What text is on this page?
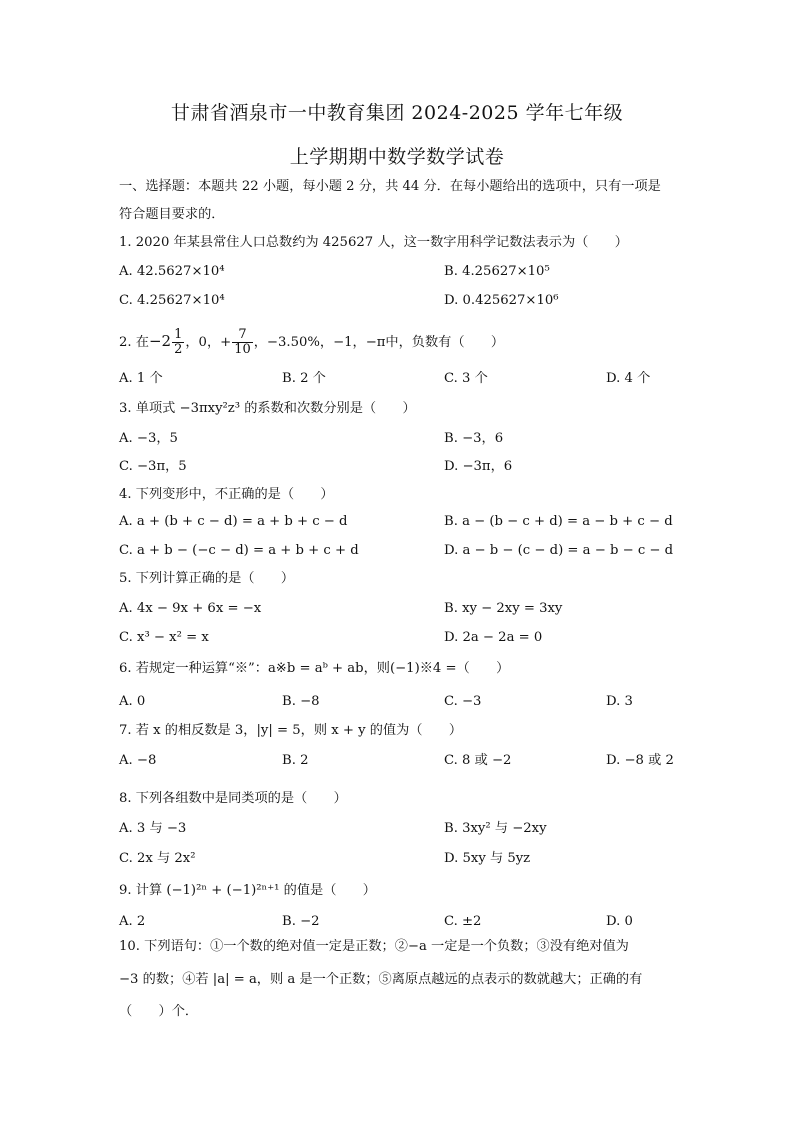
甘肃省酒泉市一中教育集团 2024-2025 学年七年级
上学期期中数学数学试卷
一、选择题：本题共 22 小题，每小题 2 分，共 44 分．在每小题给出的选项中，只有一项是
符合题目要求的．
1. 2020 年某县常住人口总数约为 425627 人，这一数字用科学记数法表示为（　　）
A. 42.5627×10⁴	B. 4.25627×10⁵
C. 4.25627×10⁴	D. 0.425627×10⁶
2. 在$-2 \frac{1}{2}$ ，0，+ $\frac{7}{10}$ ，−3.50%，−1，−π中，负数有（　　）
A. 1 个	B. 2 个	C. 3 个	D. 4 个
3. 单项式 −3πxy²z³ 的系数和次数分别是（　　）
A. −3，5	B. −3，6
C. −3π，5	D. −3π，6
4. 下列变形中，不正确的是（　　）
A. a + (b + c − d) = a + b + c − d	B. a − (b − c + d) = a − b + c − d
C. a + b − (−c − d) = a + b + c + d	D. a − b − (c − d) = a − b − c − d
5. 下列计算正确的是（　　）
A. 4x − 9x + 6x = −x	B. xy − 2xy = 3xy
C. x³ − x² = x	D. 2a − 2a = 0
6. 若规定一种运算“※”：a※b = aᵇ + ab，则(−1)※4 =（　　）
A. 0	B. −8	C. −3	D. 3
7. 若 x 的相反数是 3，|y| = 5，则 x + y 的值为（　　）
A. −8	B. 2	C. 8 或 −2	D. −8 或 2
8. 下列各组数中是同类项的是（　　）
A. 3 与 −3	B. 3xy² 与 −2xy
C. 2x 与 2x²	D. 5xy 与 5yz
9. 计算 (−1)²ⁿ + (−1)²ⁿ⁺¹ 的值是（　　）
A. 2	B. −2	C. ±2	D. 0
10. 下列语句：①一个数的绝对值一定是正数；②−a 一定是一个负数；③没有绝对值为
−3 的数；④若 |a| = a，则 a 是一个正数；⑤离原点越远的点表示的数就越大；正确的有
（　　）个．
